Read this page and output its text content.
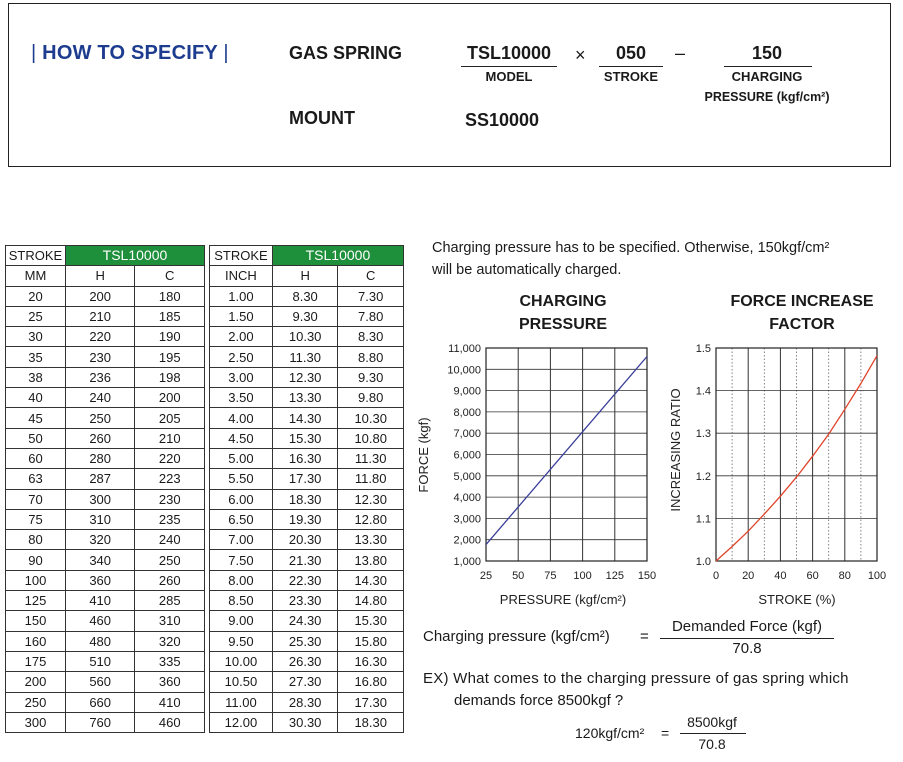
| HOW TO SPECIFY |	GAS SPRING	TSL10000
MODEL
×	050
STROKE
–	150
CHARGING
PRESSURE (kgf/cm²)
MOUNT	SS10000
STROKE	TSL10000	
MM	H	C
20	200	180
25	210	185
30	220	190
35	230	195
38	236	198
40	240	200
45	250	205
50	260	210
60	280	220
63	287	223
70	300	230
75	310	235
80	320	240
90	340	250
100	360	260
125	410	285
150	460	310
160	480	320
175	510	335
200	560	360
250	660	410
300	760	460
STROKE	TSL10000	
INCH	H	C
1.00	8.30	7.30
1.50	9.30	7.80
2.00	10.30	8.30
2.50	11.30	8.80
3.00	12.30	9.30
3.50	13.30	9.80
4.00	14.30	10.30
4.50	15.30	10.80
5.00	16.30	11.30
5.50	17.30	11.80
6.00	18.30	12.30
6.50	19.30	12.80
7.00	20.30	13.30
7.50	21.30	13.80
8.00	22.30	14.30
8.50	23.30	14.80
9.00	24.30	15.30
9.50	25.30	15.80
10.00	26.30	16.30
10.50	27.30	16.80
11.00	28.30	17.30
12.00	30.30	18.30
Charging pressure has to be specified. Otherwise, 150kgf/cm²
will be automatically charged.
CHARGING
PRESSURE
FORCE INCREASE
FACTOR
25 50 75 100 125 150
1,000
2,000
3,000
4,000
5,000
6,000
7,000
8,000
9,000
10,000
11,000
PRESSURE (kgf/cm²)
FORCE (kgf)
0 20 40 60 80 100
1.0
1.1
1.2
1.3
1.4
1.5
STROKE (%)
INCREASING RATIO
Charging pressure (kgf/cm²) =
Demanded Force (kgf)
70.8
EX) What comes to the charging pressure of gas spring which
demands force 8500kgf ?
120kgf/cm² =
8500kgf
70.8
